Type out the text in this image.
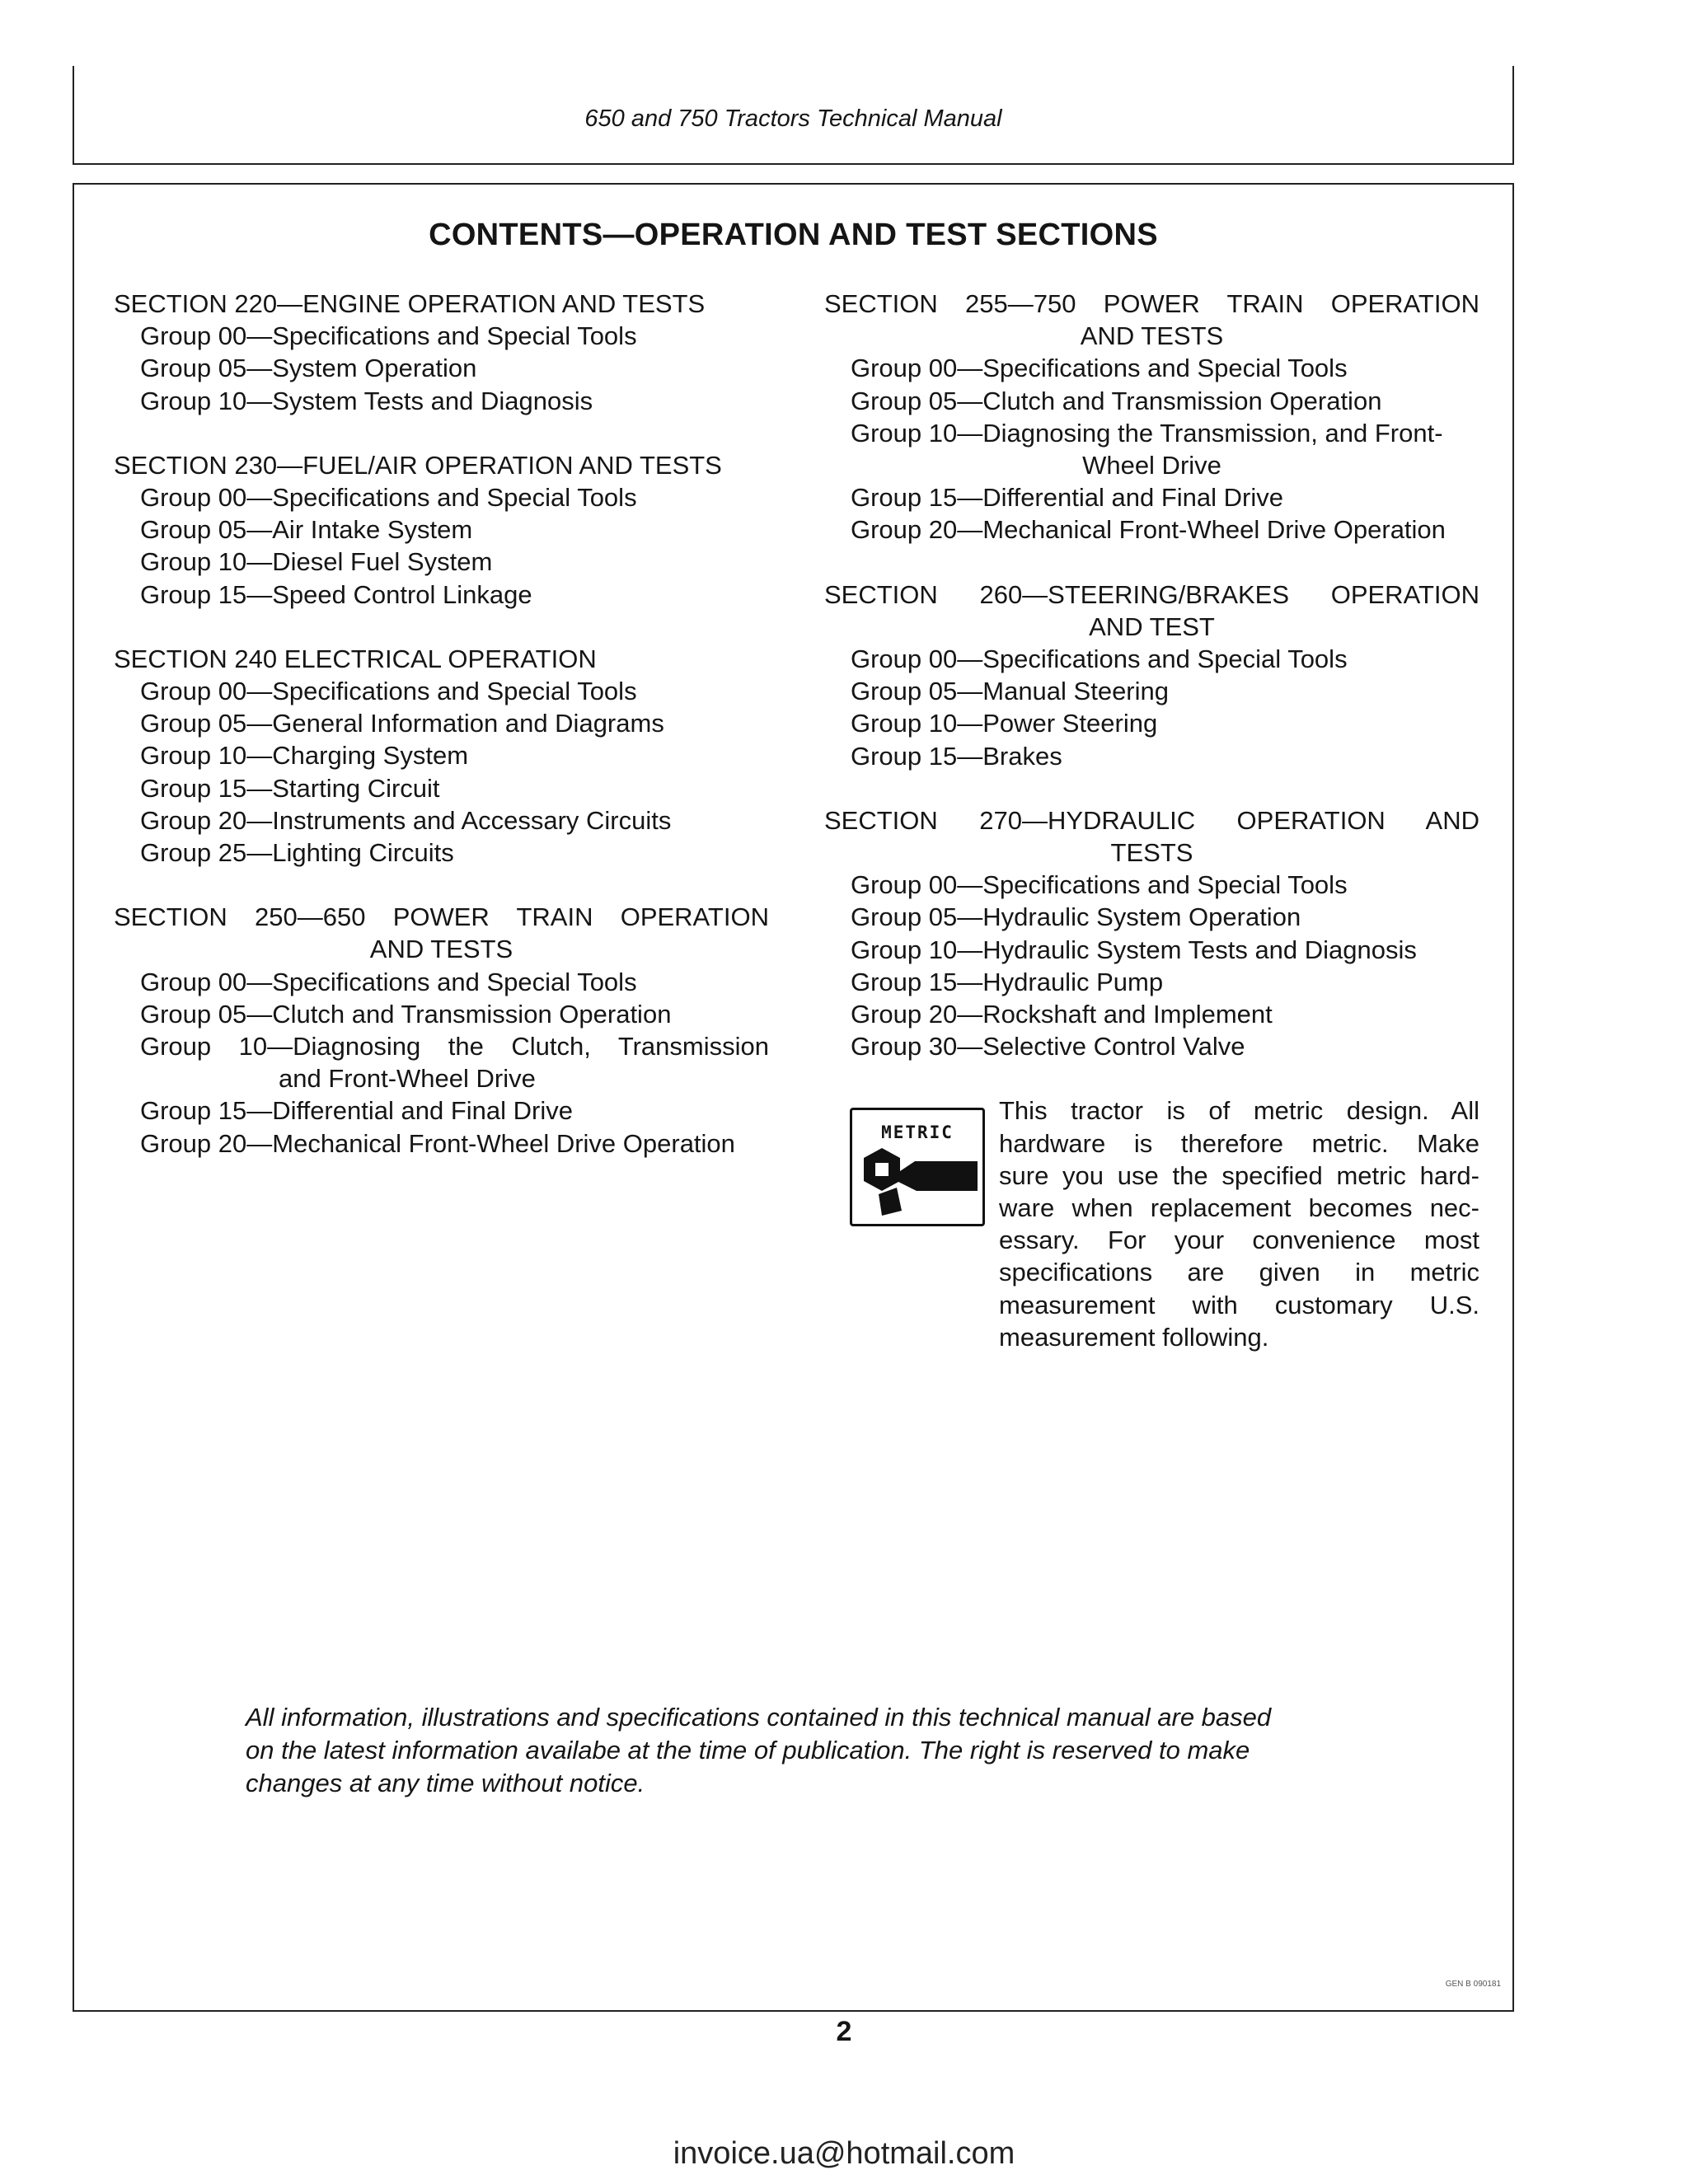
650 and 750 Tractors Technical Manual
CONTENTS—OPERATION AND TEST SECTIONS
SECTION 220—ENGINE OPERATION AND TESTS
Group 00—Specifications and Special Tools
Group 05—System Operation
Group 10—System Tests and Diagnosis
SECTION 230—FUEL/AIR OPERATION AND TESTS
Group 00—Specifications and Special Tools
Group 05—Air Intake System
Group 10—Diesel Fuel System
Group 15—Speed Control Linkage
SECTION 240 ELECTRICAL OPERATION
Group 00—Specifications and Special Tools
Group 05—General Information and Diagrams
Group 10—Charging System
Group 15—Starting Circuit
Group 20—Instruments and Accessary Circuits
Group 25—Lighting Circuits
SECTION 250—650 POWER TRAIN OPERATION
AND TESTS
Group 00—Specifications and Special Tools
Group 05—Clutch and Transmission Operation
Group 10—Diagnosing the Clutch, Transmission
and Front-Wheel Drive
Group 15—Differential and Final Drive
Group 20—Mechanical Front-Wheel Drive Operation
SECTION 255—750 POWER TRAIN OPERATION
AND TESTS
Group 00—Specifications and Special Tools
Group 05—Clutch and Transmission Operation
Group 10—Diagnosing the Transmission, and Front-
Wheel Drive
Group 15—Differential and Final Drive
Group 20—Mechanical Front-Wheel Drive Operation
SECTION 260—STEERING/BRAKES OPERATION
AND TEST
Group 00—Specifications and Special Tools
Group 05—Manual Steering
Group 10—Power Steering
Group 15—Brakes
SECTION 270—HYDRAULIC OPERATION AND
TESTS
Group 00—Specifications and Special Tools
Group 05—Hydraulic System Operation
Group 10—Hydraulic System Tests and Diagnosis
Group 15—Hydraulic Pump
Group 20—Rockshaft and Implement
Group 30—Selective Control Valve
METRIC
This tractor is of metric design. All
hardware is therefore metric. Make
sure you use the specified metric hard-
ware when replacement becomes nec-
essary. For your convenience most
specifications are given in metric
measurement with customary U.S.
measurement following.
All information, illustrations and specifications contained in this technical manual are based
on the latest information availabe at the time of publication. The right is reserved to make
changes at any time without notice.
GEN B 090181
2
invoice.ua@hotmail.com
